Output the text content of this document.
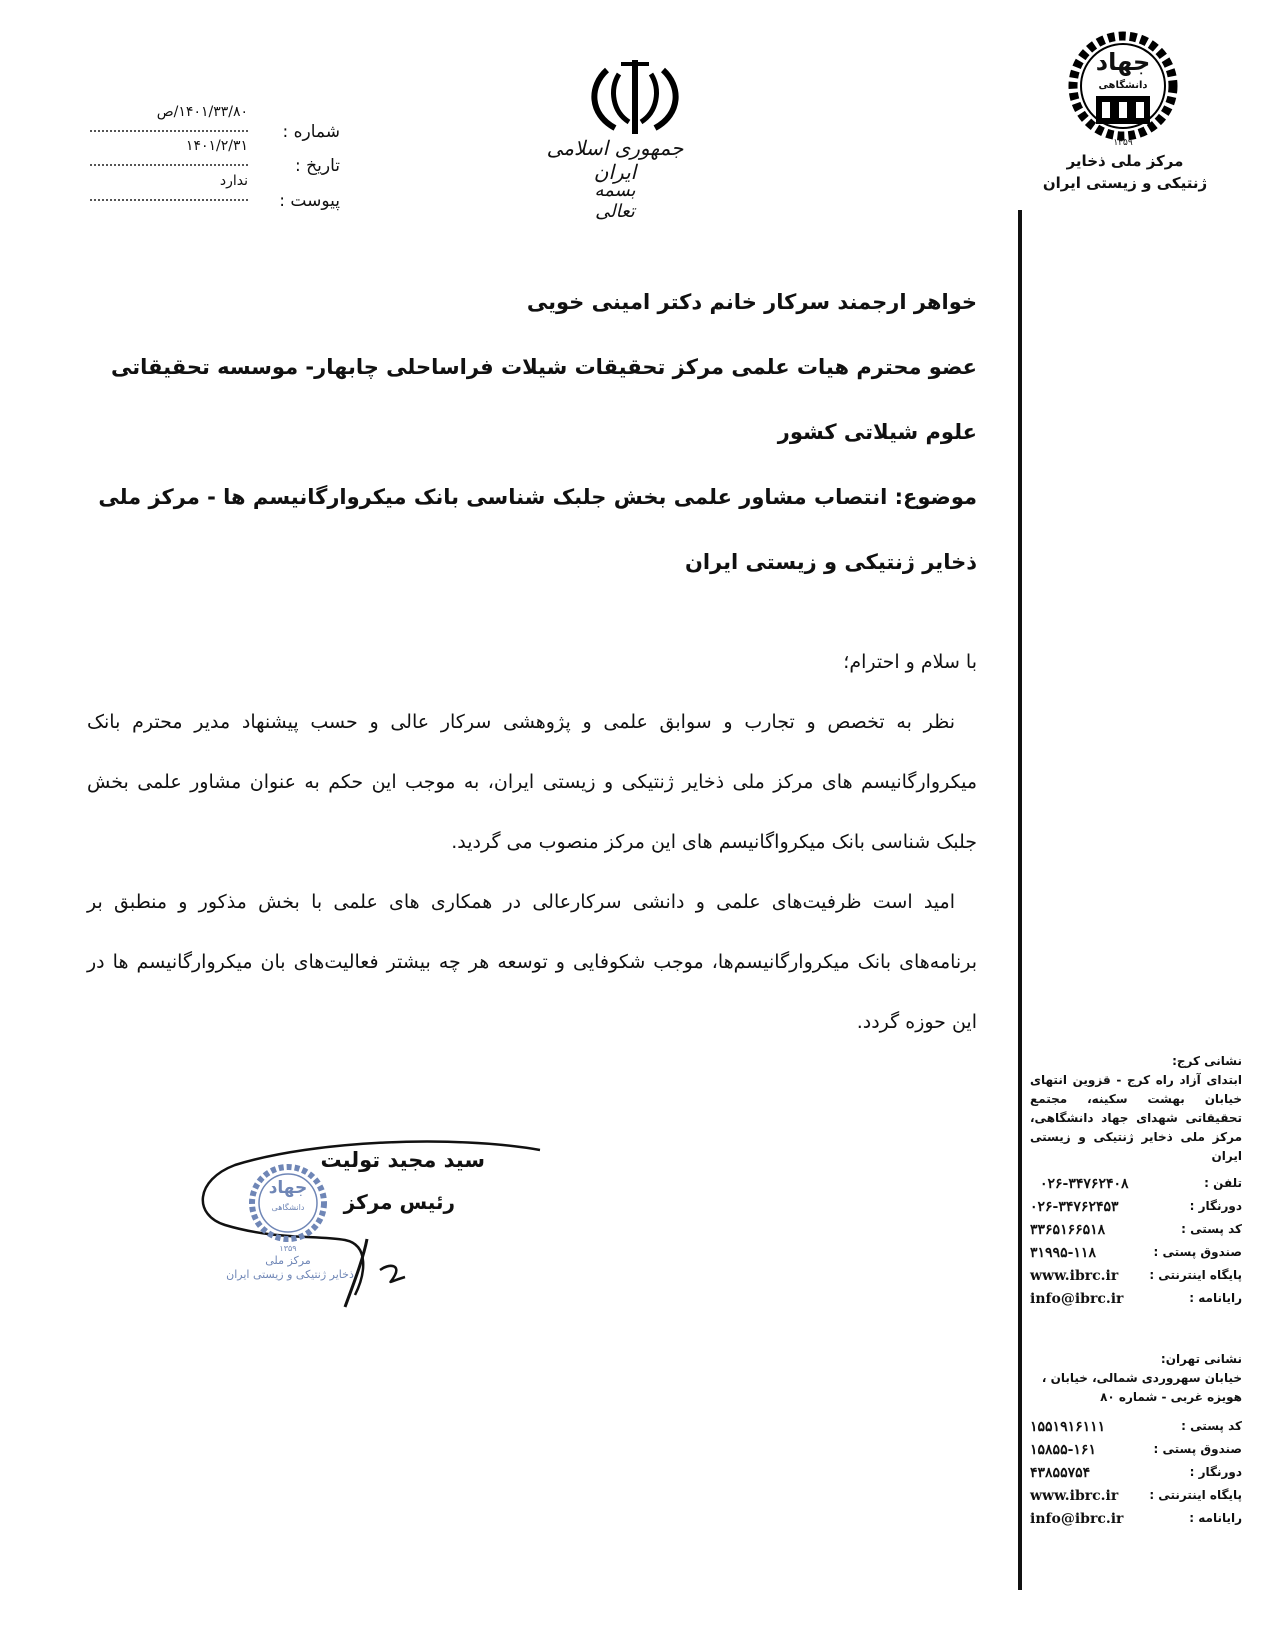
شماره :
۱۴۰۱/۳۳/۸۰/ص
تاریخ :
۱۴۰۱/۲/۳۱
پیوست :
ندارد
جمهوری اسلامی ایران
بسمه تعالی
جهاد
دانشگاهی
۱۳۵۹
مرکز ملی ذخایر
ژنتیکی و زیستی ایران
خواهر ارجمند سرکار خانم دکتر امینی خویی
عضو محترم هیات علمی مرکز تحقیقات شیلات فراساحلی چابهار- موسسه تحقیقاتی علوم شیلاتی کشور
موضوع: انتصاب مشاور علمی بخش جلبک شناسی بانک میکروارگانیسم ها - مرکز ملی ذخایر ژنتیکی و زیستی ایران
با سلام و احترام؛
نظر به تخصص و تجارب و سوابق علمی و پژوهشی سرکار عالی و حسب پیشنهاد مدیر محترم بانک میکروارگانیسم های مرکز ملی ذخایر ژنتیکی و زیستی ایران، به موجب این حکم به عنوان مشاور علمی بخش جلبک شناسی بانک میکرواگانیسم های این مرکز منصوب می گردید.
امید است ظرفیت‌های علمی و دانشی سرکارعالی در همکاری های علمی با بخش مذکور و منطبق بر برنامه‌های بانک میکروارگانیسم‌ها، موجب شکوفایی و توسعه هر چه بیشتر فعالیت‌های بان میکروارگانیسم ها در این حوزه گردد.
جهاد
دانشگاهی
۱۳۵۹
مرکز ملی
ذخایر ژنتیکی و زیستی ایران
سید مجید تولیت
رئیس مرکز
نشانی کرج:
ابتدای آزاد راه کرج - قزوین انتهای خیابان بهشت سکینه، مجتمع تحقیقاتی شهدای جهاد دانشگاهی، مرکز ملی ذخایر ژنتیکی و زیستی ایران
تلفن :
۰۲۶-۳۴۷۶۲۴۰۸
دورنگار :
۰۲۶-۳۴۷۶۲۴۵۳
کد پستی :
۳۳۶۵۱۶۶۵۱۸
صندوق پستی :
۳۱۹۹۵-۱۱۸
پایگاه اینترنتی :
www.ibrc.ir
رایانامه :
info@ibrc.ir
نشانی تهران:
خیابان سهروردی شمالی، خیابان ، هویزه غربی - شماره ۸۰
کد پستی :
۱۵۵۱۹۱۶۱۱۱
صندوق پستی :
۱۵۸۵۵-۱۶۱
دورنگار :
۴۳۸۵۵۷۵۴
پایگاه اینترنتی :
www.ibrc.ir
رایانامه :
info@ibrc.ir
